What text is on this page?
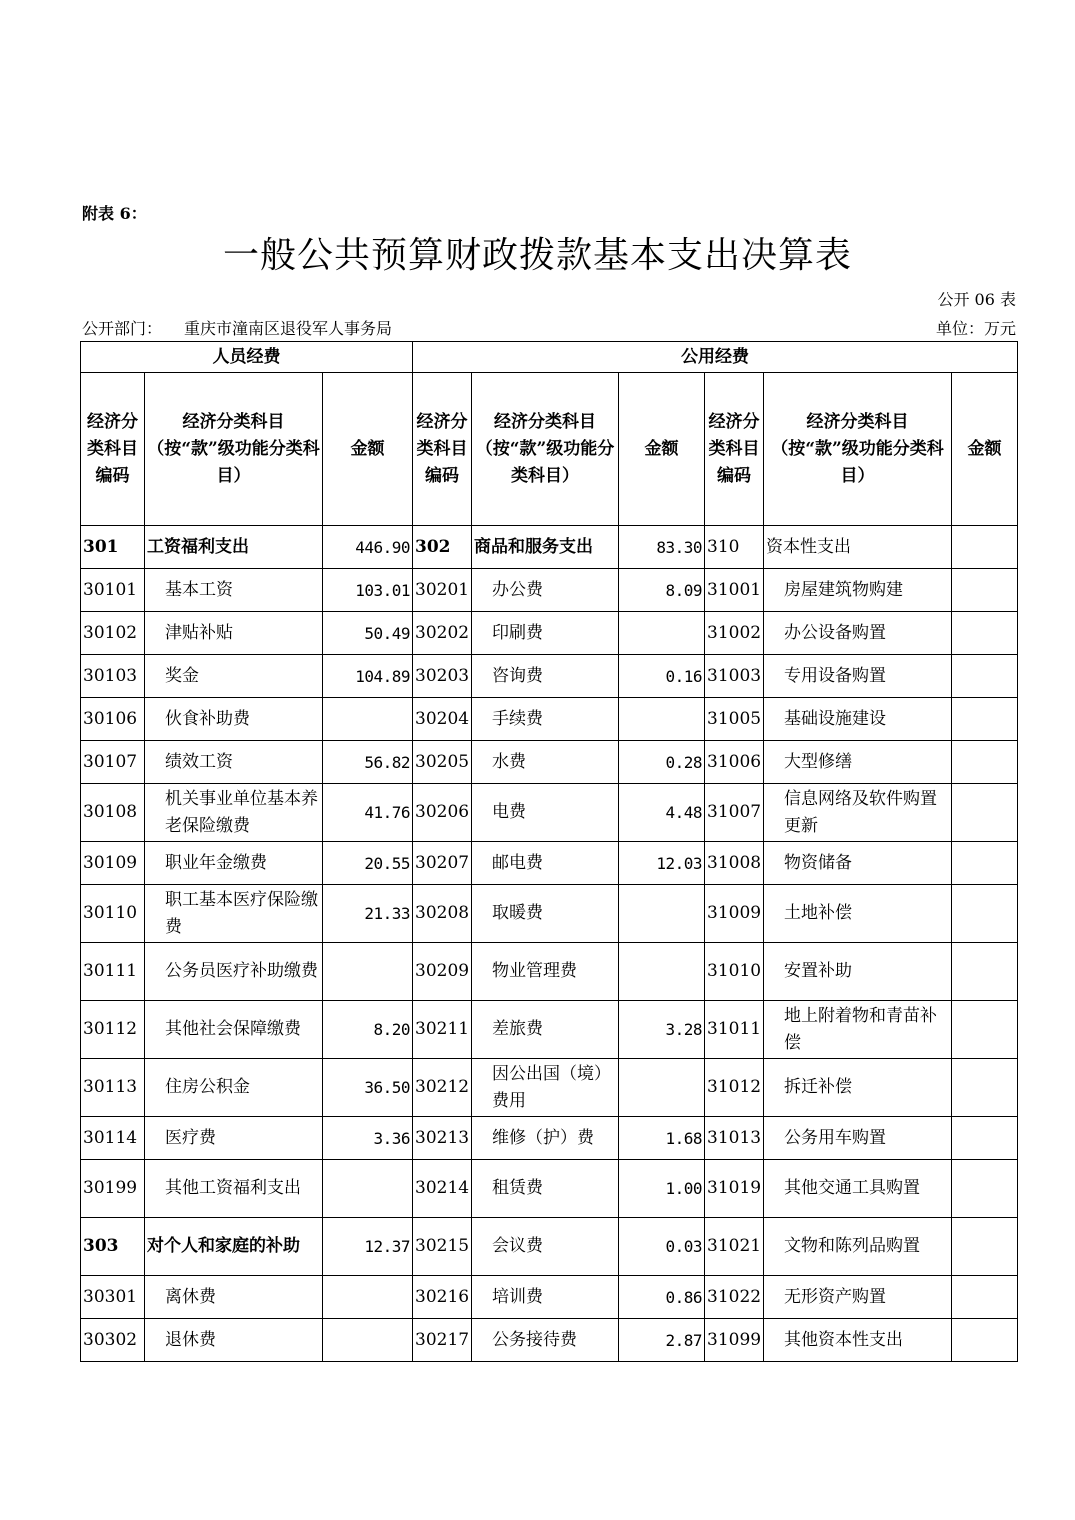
附表 6：
一般公共预算财政拨款基本支出决算表
公开 06 表
公开部门： 重庆市潼南区退役军人事务局	单位：万元
人员经费			公用经费					
经济分类科目编码	经济分类科目（按“款”级功能分类科目）	金额	经济分类科目编码	经济分类科目（按“款”级功能分类科目）	金额	经济分类科目编码	经济分类科目（按“款”级功能分类科目）	金额
301	工资福利支出	446.90	302	商品和服务支出	83.30	310	资本性支出	
30101	基本工资	103.01	30201	办公费	8.09	31001	房屋建筑物购建	
30102	津贴补贴	50.49	30202	印刷费		31002	办公设备购置	
30103	奖金	104.89	30203	咨询费	0.16	31003	专用设备购置	
30106	伙食补助费		30204	手续费		31005	基础设施建设	
30107	绩效工资	56.82	30205	水费	0.28	31006	大型修缮	
30108	机关事业单位基本养老保险缴费	41.76	30206	电费	4.48	31007	信息网络及软件购置更新	
30109	职业年金缴费	20.55	30207	邮电费	12.03	31008	物资储备	
30110	职工基本医疗保险缴费	21.33	30208	取暖费		31009	土地补偿	
30111	公务员医疗补助缴费		30209	物业管理费		31010	安置补助	
30112	其他社会保障缴费	8.20	30211	差旅费	3.28	31011	地上附着物和青苗补偿	
30113	住房公积金	36.50	30212	因公出国（境）费用		31012	拆迁补偿	
30114	医疗费	3.36	30213	维修（护）费	1.68	31013	公务用车购置	
30199	其他工资福利支出		30214	租赁费	1.00	31019	其他交通工具购置	
303	对个人和家庭的补助	12.37	30215	会议费	0.03	31021	文物和陈列品购置	
30301	离休费		30216	培训费	0.86	31022	无形资产购置	
30302	退休费		30217	公务接待费	2.87	31099	其他资本性支出	
